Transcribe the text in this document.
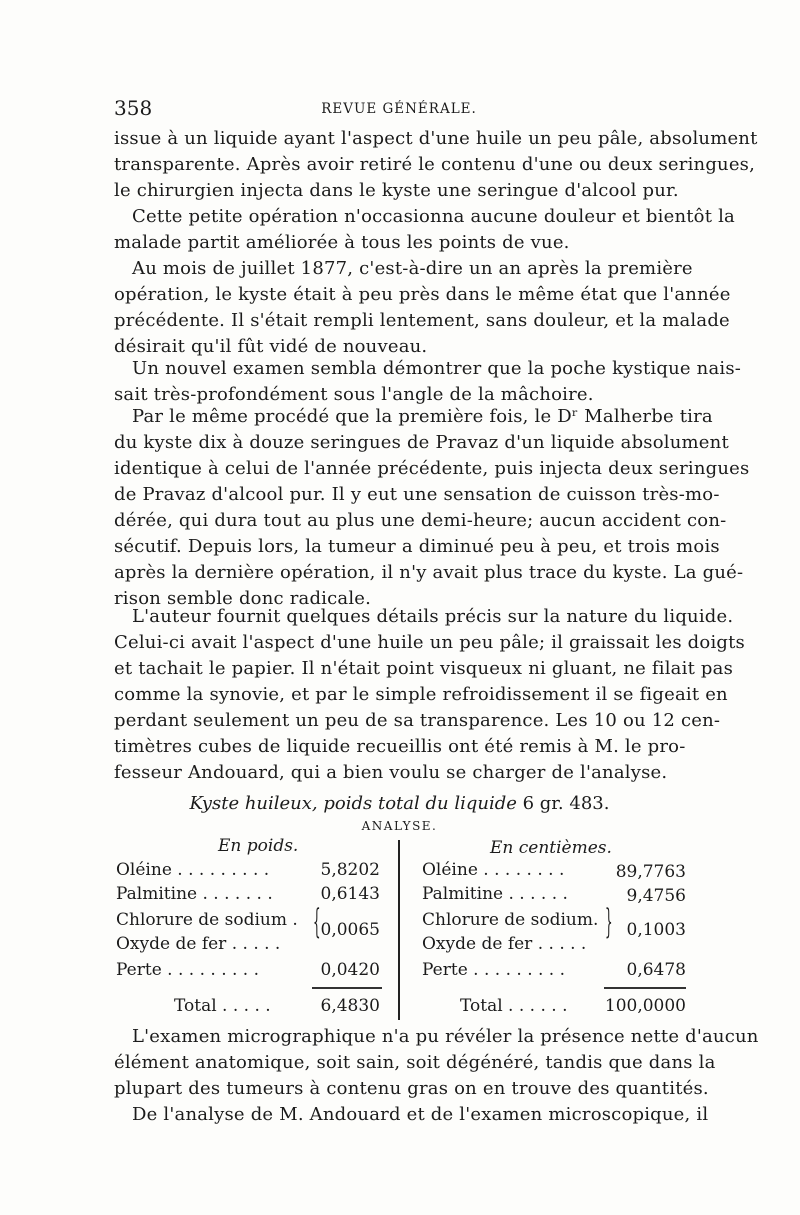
358	REVUE GÉNÉRALE.
issue à un liquide ayant l'aspect d'une huile un peu pâle, absolument
transparente. Après avoir retiré le contenu d'une ou deux seringues,
le chirurgien injecta dans le kyste une seringue d'alcool pur.
Cette petite opération n'occasionna aucune douleur et bientôt la
malade partit améliorée à tous les points de vue.
Au mois de juillet 1877, c'est-à-dire un an après la première
opération, le kyste était à peu près dans le même état que l'année
précédente. Il s'était rempli lentement, sans douleur, et la malade
désirait qu'il fût vidé de nouveau.
Un nouvel examen sembla démontrer que la poche kystique nais-
sait très-profondément sous l'angle de la mâchoire.
Par le même procédé que la première fois, le Dʳ Malherbe tira
du kyste dix à douze seringues de Pravaz d'un liquide absolument
identique à celui de l'année précédente, puis injecta deux seringues
de Pravaz d'alcool pur. Il y eut une sensation de cuisson très-mo-
dérée, qui dura tout au plus une demi-heure; aucun accident con-
sécutif. Depuis lors, la tumeur a diminué peu à peu, et trois mois
après la dernière opération, il n'y avait plus trace du kyste. La gué-
rison semble donc radicale.
L'auteur fournit quelques détails précis sur la nature du liquide.
Celui-ci avait l'aspect d'une huile un peu pâle; il graissait les doigts
et tachait le papier. Il n'était point visqueux ni gluant, ne filait pas
comme la synovie, et par le simple refroidissement il se figeait en
perdant seulement un peu de sa transparence. Les 10 ou 12 cen-
timètres cubes de liquide recueillis ont été remis à M. le pro-
fesseur Andouard, qui a bien voulu se charger de l'analyse.
Kyste huileux, poids total du liquide 6 gr. 483.
ANALYSE.
En poids.	En centièmes.
Oléine . . . . . . . . .	5,8202
Palmitine . . . . . . .	0,6143
Chlorure de sodium .
Oxyde de fer . . . . .
{ 0,0065
Perte . . . . . . . . .	0,0420
Total . . . . .	6,4830
Oléine . . . . . . . .	89,7763
Palmitine . . . . . .	9,4756
Chlorure de sodium.
Oxyde de fer . . . . .
} 0,1003
Perte . . . . . . . . .	0,6478
Total . . . . . .	100,0000
L'examen micrographique n'a pu révéler la présence nette d'aucun
élément anatomique, soit sain, soit dégénéré, tandis que dans la
plupart des tumeurs à contenu gras on en trouve des quantités.
De l'analyse de M. Andouard et de l'examen microscopique, il
